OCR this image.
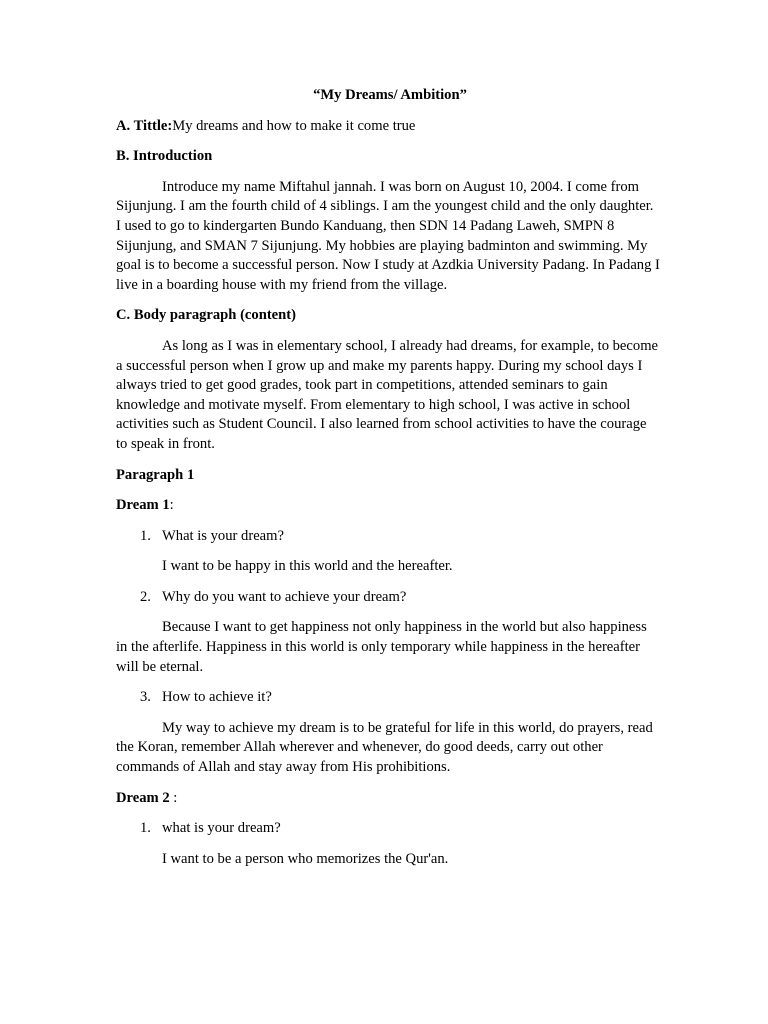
“My Dreams/ Ambition”
A. Tittle:My dreams and how to make it come true
B. Introduction
Introduce my name Miftahul jannah. I was born on August 10, 2004. I come from Sijunjung. I am the fourth child of 4 siblings. I am the youngest child and the only daughter. I used to go to kindergarten Bundo Kanduang, then SDN 14 Padang Laweh, SMPN 8 Sijunjung, and SMAN 7 Sijunjung. My hobbies are playing badminton and swimming. My goal is to become a successful person. Now I study at Azdkia University Padang. In Padang I live in a boarding house with my friend from the village.
C. Body paragraph (content)
As long as I was in elementary school, I already had dreams, for example, to become a successful person when I grow up and make my parents happy. During my school days I always tried to get good grades, took part in competitions, attended seminars to gain knowledge and motivate myself. From elementary to high school, I was active in school activities such as Student Council. I also learned from school activities to have the courage to speak in front.
Paragraph 1
Dream 1:
1. What is your dream?
I want to be happy in this world and the hereafter.
2. Why do you want to achieve your dream?
Because I want to get happiness not only happiness in the world but also happiness in the afterlife. Happiness in this world is only temporary while happiness in the hereafter will be eternal.
3. How to achieve it?
My way to achieve my dream is to be grateful for life in this world, do prayers, read the Koran, remember Allah wherever and whenever, do good deeds, carry out other commands of Allah and stay away from His prohibitions.
Dream 2 :
1. what is your dream?
I want to be a person who memorizes the Qur'an.
